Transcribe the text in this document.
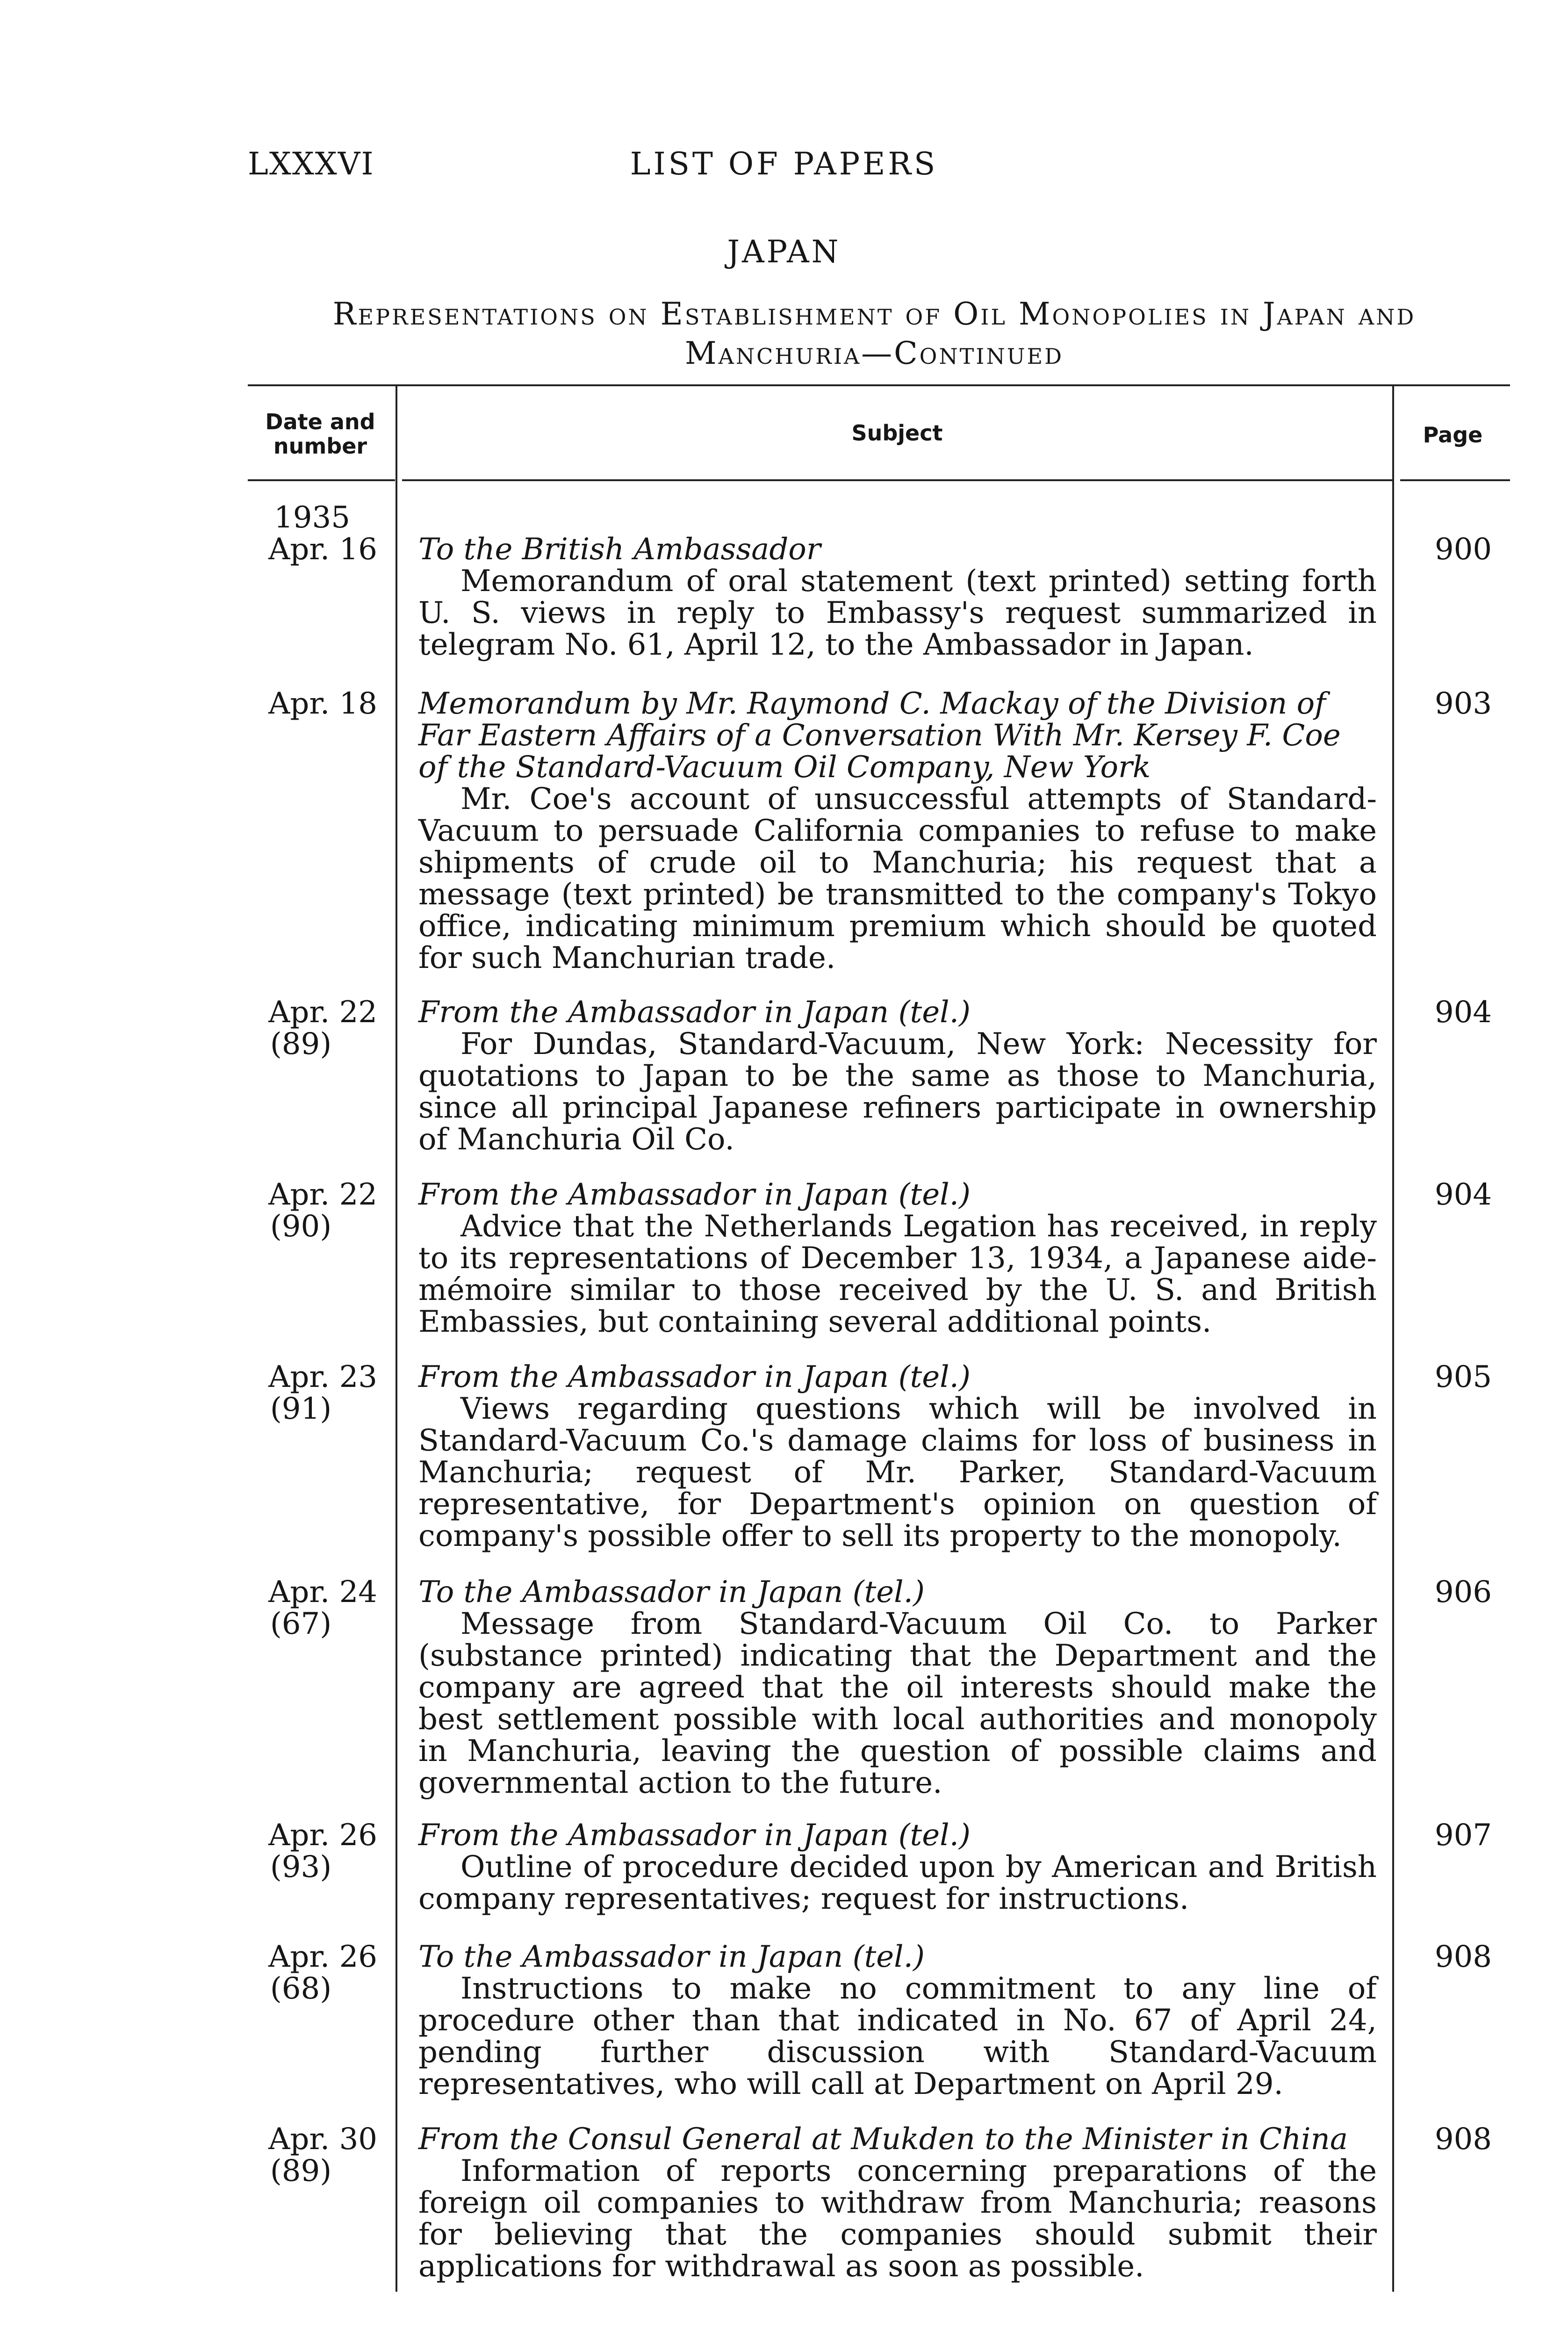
LXXXVI	LIST OF PAPERS
JAPAN
Representations on Establishment of Oil Monopolies in Japan and Manchuria—Continued
Date and number
Subject	Page
1935
Apr. 16 To the British Ambassador
Memorandum of oral statement (text printed) setting forth U. S. views in reply to Embassy's request summarized in telegram No. 61, April 12, to the Ambassador in Japan.
900
Apr. 18 Memorandum by Mr. Raymond C. Mackay of the Division of Far Eastern Affairs of a Conversation With Mr. Kersey F. Coe of the Standard-Vacuum Oil Company, New York
Mr. Coe's account of unsuccessful attempts of Standard-Vacuum to persuade California companies to refuse to make shipments of crude oil to Manchuria; his request that a message (text printed) be transmitted to the company's Tokyo office, indicating minimum premium which should be quoted for such Manchurian trade.
903
Apr. 22
(89)
From the Ambassador in Japan (tel.)
For Dundas, Standard-Vacuum, New York: Necessity for quotations to Japan to be the same as those to Manchuria, since all principal Japanese refiners participate in ownership of Manchuria Oil Co.
904
Apr. 22
(90)
From the Ambassador in Japan (tel.)
Advice that the Netherlands Legation has received, in reply to its representations of December 13, 1934, a Japanese aide-mémoire similar to those received by the U. S. and British Embassies, but containing several additional points.
904
Apr. 23
(91)
From the Ambassador in Japan (tel.)
Views regarding questions which will be involved in Standard-Vacuum Co.'s damage claims for loss of business in Manchuria; request of Mr. Parker, Standard-Vacuum representative, for Department's opinion on question of company's possible offer to sell its property to the monopoly.
905
Apr. 24
(67)
To the Ambassador in Japan (tel.)
Message from Standard-Vacuum Oil Co. to Parker (substance printed) indicating that the Department and the company are agreed that the oil interests should make the best settlement possible with local authorities and monopoly in Manchuria, leaving the question of possible claims and governmental action to the future.
906
Apr. 26
(93)
From the Ambassador in Japan (tel.)
Outline of procedure decided upon by American and British company representatives; request for instructions.
907
Apr. 26
(68)
To the Ambassador in Japan (tel.)
Instructions to make no commitment to any line of procedure other than that indicated in No. 67 of April 24, pending further discussion with Standard-Vacuum representatives, who will call at Department on April 29.
908
Apr. 30
(89)
From the Consul General at Mukden to the Minister in China
Information of reports concerning preparations of the foreign oil companies to withdraw from Manchuria; reasons for believing that the companies should submit their applications for withdrawal as soon as possible.
908
